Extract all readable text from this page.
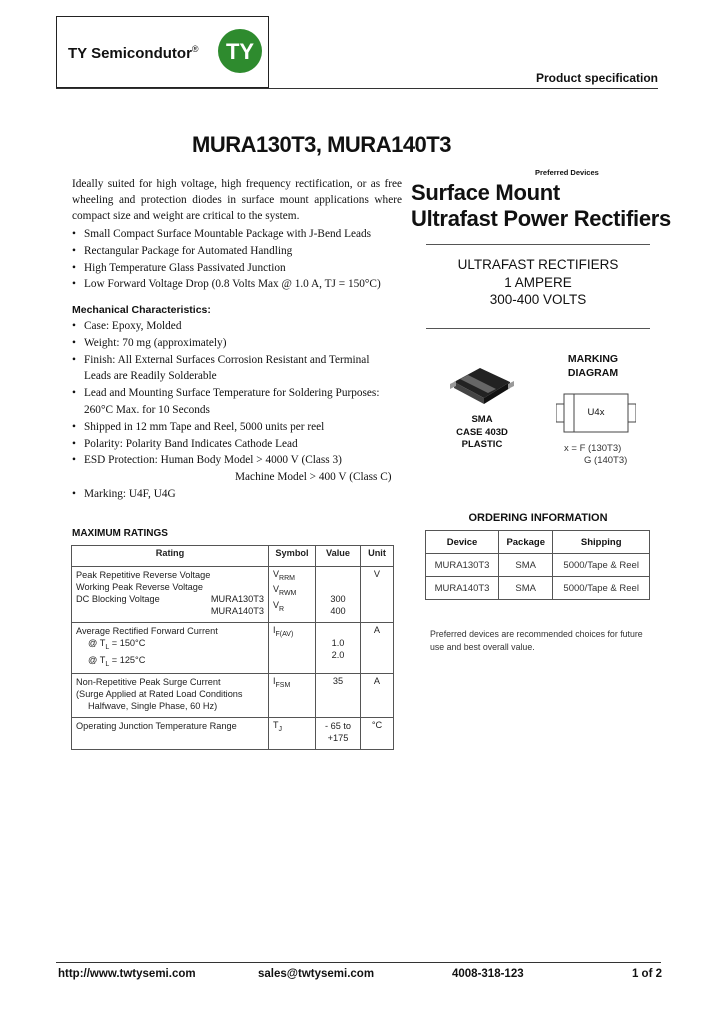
TY Semicondutor® TY
Product specification
MURA130T3, MURA140T3
Ideally suited for high voltage, high frequency rectification, or as free wheeling and protection diodes in surface mount applications where compact size and weight are critical to the system.
• Small Compact Surface Mountable Package with J-Bend Leads
• Rectangular Package for Automated Handling
• High Temperature Glass Passivated Junction
• Low Forward Voltage Drop (0.8 Volts Max @ 1.0 A, TJ = 150°C)
Mechanical Characteristics:
• Case: Epoxy, Molded
• Weight: 70 mg (approximately)
• Finish: All External Surfaces Corrosion Resistant and Terminal
Leads are Readily Solderable
• Lead and Mounting Surface Temperature for Soldering Purposes:
260°C Max. for 10 Seconds
• Shipped in 12 mm Tape and Reel, 5000 units per reel
• Polarity: Polarity Band Indicates Cathode Lead
• ESD Protection: Human Body Model > 4000 V (Class 3)
Machine Model > 400 V (Class C)
• Marking: U4F, U4G
MAXIMUM RATINGS
Rating	Symbol	Value	Unit

Peak Repetitive Reverse Voltage
Working Peak Reverse Voltage
DC Blocking Voltage MURA130T3
MURA140T3	$V_{RRM}$
$V_{RWM}$
$V_R$	300
400	V

Average Rectified Forward Current
@ $T_L = 150^\circ C$
@ $T_L = 125^\circ C$	$I_{F(AV)}$	1.0
2.0	A

Non-Repetitive Peak Surge Current
(Surge Applied at Rated Load Conditions
Halfwave, Single Phase, 60 Hz)	$I_{FSM}$	35	A

Operating Junction Temperature Range	$T_J$	- 65 to
+175	°C
Preferred Devices
Surface Mount
Ultrafast Power Rectifiers
ULTRAFAST RECTIFIERS
1 AMPERE
300-400 VOLTS
SMA
CASE 403D
PLASTIC
MARKING
DIAGRAM
U4x
x = F (130T3)
G (140T3)
ORDERING INFORMATION
Device	Package	Shipping
MURA130T3	SMA	5000/Tape & Reel
MURA140T3	SMA	5000/Tape & Reel
Preferred devices are recommended choices for future use and best overall value.
http://www.twtysemi.com	sales@twtysemi.com	4008-318-123	1 of 2
